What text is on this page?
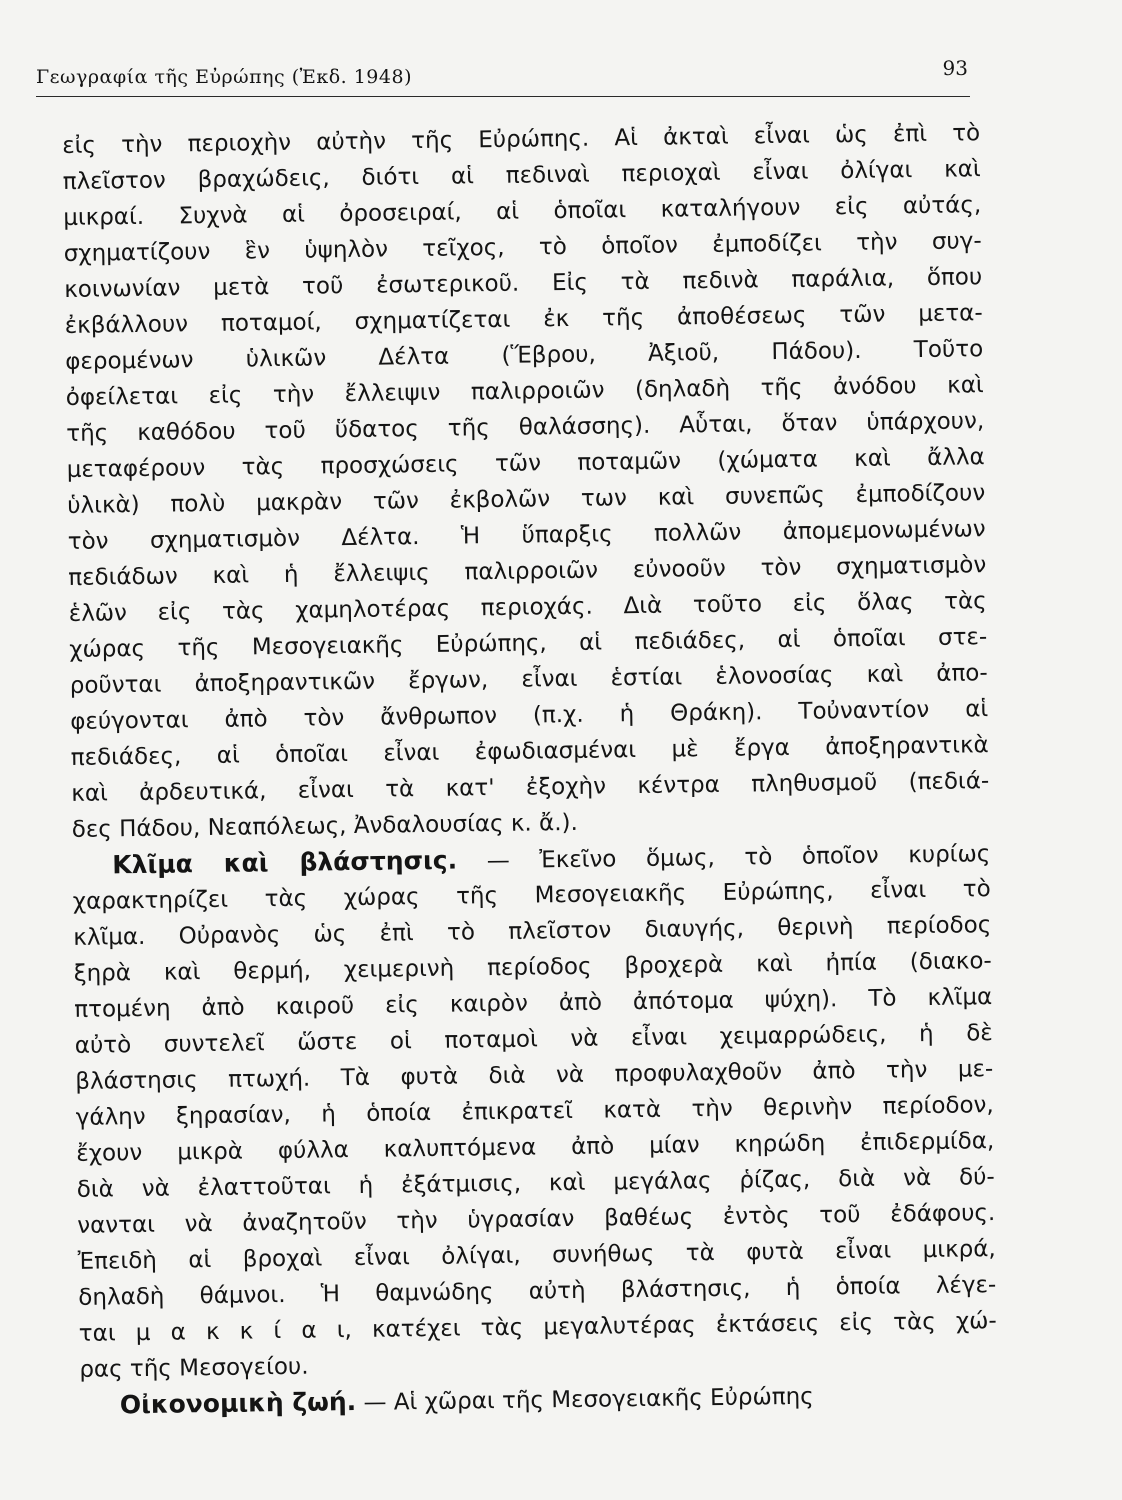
Γεωγραφία τῆς Εὐρώπης (Ἐκδ. 1948)	93
εἰς τὴν περιοχὴν αὐτὴν τῆς Εὐρώπης. Αἱ ἀκταὶ εἶναι ὡς ἐπὶ τὸ
πλεῖστον βραχώδεις, διότι αἱ πεδιναὶ περιοχαὶ εἶναι ὀλίγαι καὶ
μικραί. Συχνὰ αἱ ὀροσειραί, αἱ ὁποῖαι καταλήγουν εἰς αὐτάς,
σχηματίζουν ἓν ὑψηλὸν τεῖχος, τὸ ὁποῖον ἐμποδίζει τὴν συγ-
κοινωνίαν μετὰ τοῦ ἐσωτερικοῦ. Εἰς τὰ πεδινὰ παράλια, ὅπου
ἐκβάλλουν ποταμοί, σχηματίζεται ἐκ τῆς ἀποθέσεως τῶν μετα-
φερομένων ὑλικῶν Δέλτα (Ἕβρου, Ἀξιοῦ, Πάδου). Τοῦτο
ὀφείλεται εἰς τὴν ἔλλειψιν παλιρροιῶν (δηλαδὴ τῆς ἀνόδου καὶ
τῆς καθόδου τοῦ ὕδατος τῆς θαλάσσης). Αὗται, ὅταν ὑπάρχουν,
μεταφέρουν τὰς προσχώσεις τῶν ποταμῶν (χώματα καὶ ἄλλα
ὑλικὰ) πολὺ μακρὰν τῶν ἐκβολῶν των καὶ συνεπῶς ἐμποδίζουν
τὸν σχηματισμὸν Δέλτα. Ἡ ὕπαρξις πολλῶν ἀπομεμονωμένων
πεδιάδων καὶ ἡ ἔλλειψις παλιρροιῶν εὐνοοῦν τὸν σχηματισμὸν
ἑλῶν εἰς τὰς χαμηλοτέρας περιοχάς. Διὰ τοῦτο εἰς ὅλας τὰς
χώρας τῆς Μεσογειακῆς Εὐρώπης, αἱ πεδιάδες, αἱ ὁποῖαι στε-
ροῦνται ἀποξηραντικῶν ἔργων, εἶναι ἑστίαι ἑλονοσίας καὶ ἀπο-
φεύγονται ἀπὸ τὸν ἄνθρωπον (π.χ. ἡ Θράκη). Τοὐναντίον αἱ
πεδιάδες, αἱ ὁποῖαι εἶναι ἐφωδιασμέναι μὲ ἔργα ἀποξηραντικὰ
καὶ ἀρδευτικά, εἶναι τὰ κατ' ἐξοχὴν κέντρα πληθυσμοῦ (πεδιά-
δες Πάδου, Νεαπόλεως, Ἀνδαλουσίας κ. ἄ.).
Κλῖμα καὶ βλάστησις. — Ἐκεῖνο ὅμως, τὸ ὁποῖον κυρίως
χαρακτηρίζει τὰς χώρας τῆς Μεσογειακῆς Εὐρώπης, εἶναι τὸ
κλῖμα. Οὐρανὸς ὡς ἐπὶ τὸ πλεῖστον διαυγής, θερινὴ περίοδος
ξηρὰ καὶ θερμή, χειμερινὴ περίοδος βροχερὰ καὶ ἠπία (διακο-
πτομένη ἀπὸ καιροῦ εἰς καιρὸν ἀπὸ ἀπότομα ψύχη). Τὸ κλῖμα
αὐτὸ συντελεῖ ὥστε οἱ ποταμοὶ νὰ εἶναι χειμαρρώδεις, ἡ δὲ
βλάστησις πτωχή. Τὰ φυτὰ διὰ νὰ προφυλαχθοῦν ἀπὸ τὴν με-
γάλην ξηρασίαν, ἡ ὁποία ἐπικρατεῖ κατὰ τὴν θερινὴν περίοδον,
ἔχουν μικρὰ φύλλα καλυπτόμενα ἀπὸ μίαν κηρώδη ἐπιδερμίδα,
διὰ νὰ ἐλαττοῦται ἡ ἐξάτμισις, καὶ μεγάλας ῥίζας, διὰ νὰ δύ-
νανται νὰ ἀναζητοῦν τὴν ὑγρασίαν βαθέως ἐντὸς τοῦ ἐδάφους.
Ἐπειδὴ αἱ βροχαὶ εἶναι ὀλίγαι, συνήθως τὰ φυτὰ εἶναι μικρά,
δηλαδὴ θάμνοι. Ἡ θαμνώδης αὐτὴ βλάστησις, ἡ ὁποία λέγε-
ται μ α κ κ ί α ι, κατέχει τὰς μεγαλυτέρας ἐκτάσεις εἰς τὰς χώ-
ρας τῆς Μεσογείου.
Οἰκονομικὴ ζωή. — Αἱ χῶραι τῆς Μεσογειακῆς Εὐρώπης
